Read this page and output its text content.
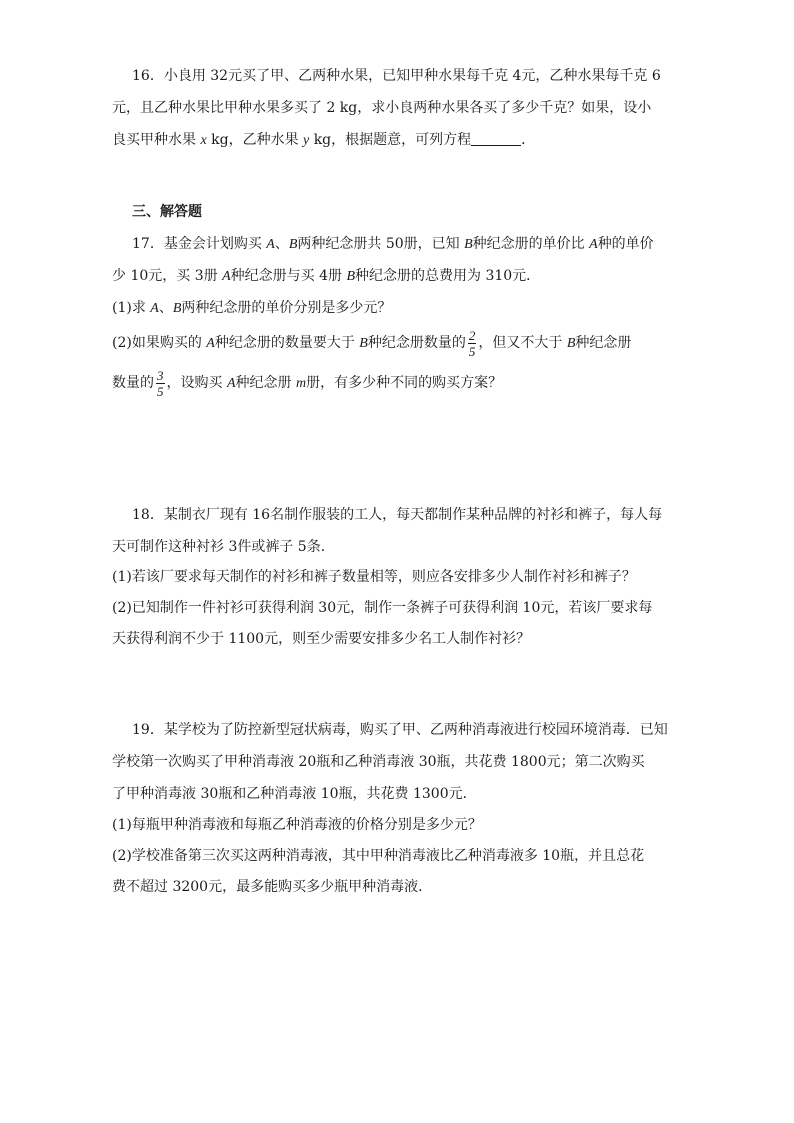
16．小良用 32元买了甲、乙两种水果，已知甲种水果每千克 4元，乙种水果每千克 6
元，且乙种水果比甲种水果多买了 2 kg，求小良两种水果各买了多少千克？如果，设小
良买甲种水果 x kg，乙种水果 y kg，根据题意，可列方程	．
三、解答题
17．基金会计划购买 A、B两种纪念册共 50册，已知 B种纪念册的单价比 A种的单价
少 10元，买 3册 A种纪念册与买 4册 B种纪念册的总费用为 310元．
(1)求 A、B两种纪念册的单价分别是多少元？
(2)如果购买的 A种纪念册的数量要大于 B种纪念册数量的 $\frac{2}{5}$ ，但又不大于 B种纪念册
数量的 $\frac{3}{5}$ ，设购买 A种纪念册 m册，有多少种不同的购买方案？
18．某制衣厂现有 16名制作服装的工人，每天都制作某种品牌的衬衫和裤子，每人每
天可制作这种衬衫 3件或裤子 5条．
(1)若该厂要求每天制作的衬衫和裤子数量相等，则应各安排多少人制作衬衫和裤子？
(2)已知制作一件衬衫可获得利润 30元，制作一条裤子可获得利润 10元，若该厂要求每
天获得利润不少于 1100元，则至少需要安排多少名工人制作衬衫？
19．某学校为了防控新型冠状病毒，购买了甲、乙两种消毒液进行校园环境消毒．已知
学校第一次购买了甲种消毒液 20瓶和乙种消毒液 30瓶，共花费 1800元；第二次购买
了甲种消毒液 30瓶和乙种消毒液 10瓶，共花费 1300元．
(1)每瓶甲种消毒液和每瓶乙种消毒液的价格分别是多少元？
(2)学校准备第三次买这两种消毒液，其中甲种消毒液比乙种消毒液多 10瓶，并且总花
费不超过 3200元，最多能购买多少瓶甲种消毒液．
